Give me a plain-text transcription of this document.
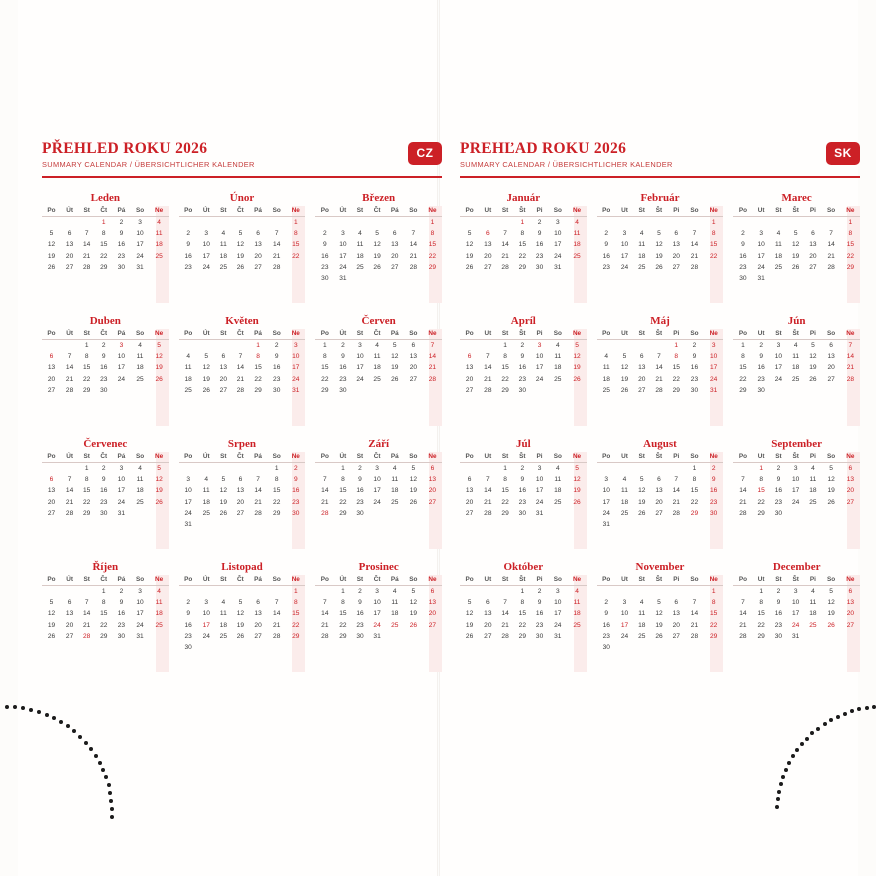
PŘEHLED ROKU 2026
SUMMARY CALENDAR / ÜBERSICHTLICHER KALENDER
CZ
Leden
Po	Út	St	Čt	Pá	So	Ne
			1	2	3	4
5	6	7	8	9	10	11
12	13	14	15	16	17	18
19	20	21	22	23	24	25
26	27	28	29	30	31	
Únor
Po	Út	St	Čt	Pá	So	Ne
						1
2	3	4	5	6	7	8
9	10	11	12	13	14	15
16	17	18	19	20	21	22
23	24	25	26	27	28	
Březen
Po	Út	St	Čt	Pá	So	Ne
						1
2	3	4	5	6	7	8
9	10	11	12	13	14	15
16	17	18	19	20	21	22
23	24	25	26	27	28	29
30	31					
Duben
Po	Út	St	Čt	Pá	So	Ne
		1	2	3	4	5
6	7	8	9	10	11	12
13	14	15	16	17	18	19
20	21	22	23	24	25	26
27	28	29	30			
Květen
Po	Út	St	Čt	Pá	So	Ne
				1	2	3
4	5	6	7	8	9	10
11	12	13	14	15	16	17
18	19	20	21	22	23	24
25	26	27	28	29	30	31
Červen
Po	Út	St	Čt	Pá	So	Ne
1	2	3	4	5	6	7
8	9	10	11	12	13	14
15	16	17	18	19	20	21
22	23	24	25	26	27	28
29	30					
Červenec
Po	Út	St	Čt	Pá	So	Ne
		1	2	3	4	5
6	7	8	9	10	11	12
13	14	15	16	17	18	19
20	21	22	23	24	25	26
27	28	29	30	31		
Srpen
Po	Út	St	Čt	Pá	So	Ne
					1	2
3	4	5	6	7	8	9
10	11	12	13	14	15	16
17	18	19	20	21	22	23
24	25	26	27	28	29	30
31						
Září
Po	Út	St	Čt	Pá	So	Ne
	1	2	3	4	5	6
7	8	9	10	11	12	13
14	15	16	17	18	19	20
21	22	23	24	25	26	27
28	29	30				
Říjen
Po	Út	St	Čt	Pá	So	Ne
			1	2	3	4
5	6	7	8	9	10	11
12	13	14	15	16	17	18
19	20	21	22	23	24	25
26	27	28	29	30	31	
Listopad
Po	Út	St	Čt	Pá	So	Ne
						1
2	3	4	5	6	7	8
9	10	11	12	13	14	15
16	17	18	19	20	21	22
23	24	25	26	27	28	29
30						
Prosinec
Po	Út	St	Čt	Pá	So	Ne
	1	2	3	4	5	6
7	8	9	10	11	12	13
14	15	16	17	18	19	20
21	22	23	24	25	26	27
28	29	30	31			
PREHĽAD ROKU 2026
SUMMARY CALENDAR / ÜBERSICHTLICHER KALENDER
SK
Január
Po	Ut	St	Št	Pi	So	Ne
			1	2	3	4
5	6	7	8	9	10	11
12	13	14	15	16	17	18
19	20	21	22	23	24	25
26	27	28	29	30	31	
Február
Po	Ut	St	Št	Pi	So	Ne
						1
2	3	4	5	6	7	8
9	10	11	12	13	14	15
16	17	18	19	20	21	22
23	24	25	26	27	28	
Marec
Po	Ut	St	Št	Pi	So	Ne
						1
2	3	4	5	6	7	8
9	10	11	12	13	14	15
16	17	18	19	20	21	22
23	24	25	26	27	28	29
30	31					
Apríl
Po	Ut	St	Št	Pi	So	Ne
		1	2	3	4	5
6	7	8	9	10	11	12
13	14	15	16	17	18	19
20	21	22	23	24	25	26
27	28	29	30			
Máj
Po	Ut	St	Št	Pi	So	Ne
				1	2	3
4	5	6	7	8	9	10
11	12	13	14	15	16	17
18	19	20	21	22	23	24
25	26	27	28	29	30	31
Jún
Po	Ut	St	Št	Pi	So	Ne
1	2	3	4	5	6	7
8	9	10	11	12	13	14
15	16	17	18	19	20	21
22	23	24	25	26	27	28
29	30					
Júl
Po	Ut	St	Št	Pi	So	Ne
		1	2	3	4	5
6	7	8	9	10	11	12
13	14	15	16	17	18	19
20	21	22	23	24	25	26
27	28	29	30	31		
August
Po	Ut	St	Št	Pi	So	Ne
					1	2
3	4	5	6	7	8	9
10	11	12	13	14	15	16
17	18	19	20	21	22	23
24	25	26	27	28	29	30
31						
September
Po	Ut	St	Št	Pi	So	Ne
	1	2	3	4	5	6
7	8	9	10	11	12	13
14	15	16	17	18	19	20
21	22	23	24	25	26	27
28	29	30				
Október
Po	Ut	St	Št	Pi	So	Ne
			1	2	3	4
5	6	7	8	9	10	11
12	13	14	15	16	17	18
19	20	21	22	23	24	25
26	27	28	29	30	31	
November
Po	Ut	St	Št	Pi	So	Ne
						1
2	3	4	5	6	7	8
9	10	11	12	13	14	15
16	17	18	19	20	21	22
23	24	25	26	27	28	29
30						
December
Po	Ut	St	Št	Pi	So	Ne
	1	2	3	4	5	6
7	8	9	10	11	12	13
14	15	16	17	18	19	20
21	22	23	24	25	26	27
28	29	30	31			
